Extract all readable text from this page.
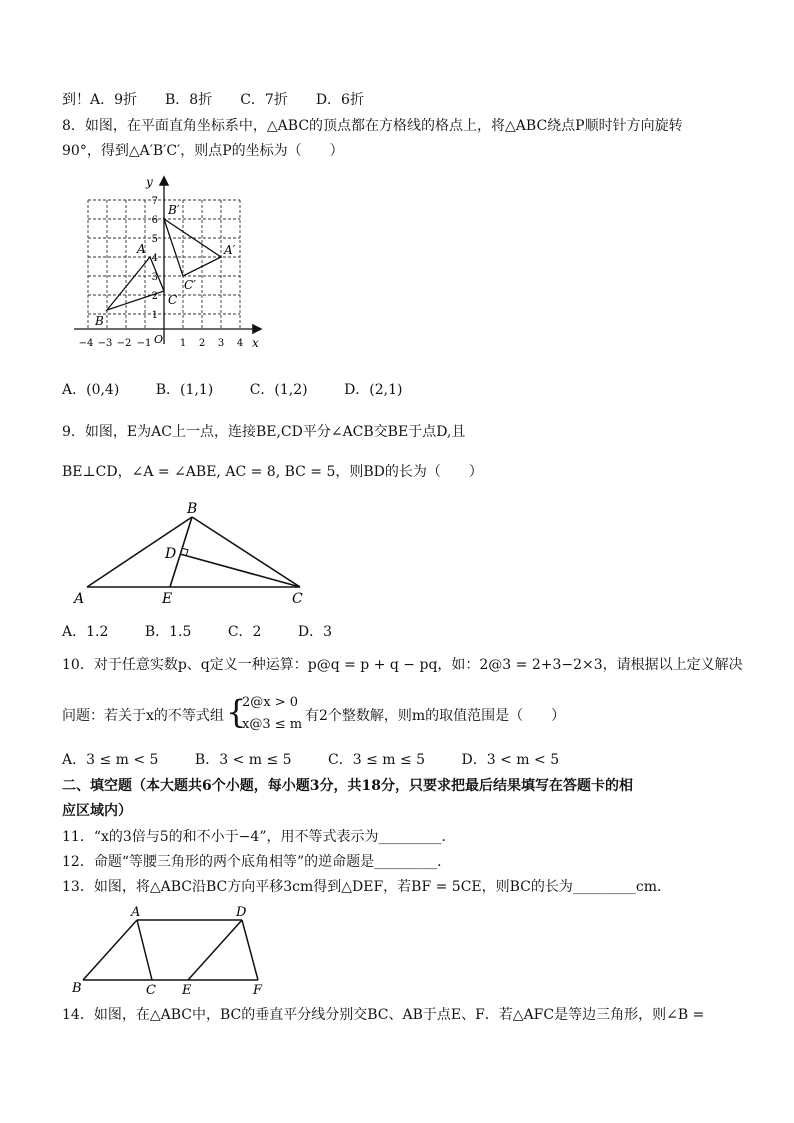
到！A．9折　　B．8折　　C．7折　　D．6折
8．如图，在平面直角坐标系中，△ABC的顶点都在方格线的格点上，将△ABC绕点P顺时针方向旋转
90°，得到△A′B′C′，则点P的坐标为（　　）
y
x
O
1
2
3
4
5
6
7
−4 −3 −2 −1	1 2 3 4
A
B
C
A′
B′
C′
A．(0,4)	B．(1,1)	C．(1,2)	D．(2,1)
9．如图，E为AC上一点，连接BE,CD平分∠ACB交BE于点D,且
BE⊥CD，∠A = ∠ABE, AC = 8, BC = 5，则BD的长为（　　）
A
B
C
D
E
A．1.2	B．1.5	C．2	D．3
10．对于任意实数p、q定义一种运算：p@q = p + q − pq，如：2@3 = 2+3−2×3，请根据以上定义解决
问题：若关于x的不等式组 {
2@x > 0
x@3 ≤ m
有2个整数解，则m的取值范围是（　　）
A．3 ≤ m < 5	B．3 < m ≤ 5	C．3 ≤ m ≤ 5	D．3 < m < 5
二、填空题（本大题共6个小题，每小题3分，共18分，只要求把最后结果填写在答题卡的相
应区域内）
11．“x的3倍与5的和不小于−4”，用不等式表示为_________．
12．命题“等腰三角形的两个底角相等”的逆命题是_________．
13．如图，将△ABC沿BC方向平移3cm得到△DEF，若BF = 5CE，则BC的长为_________cm．
A	D
B	C E	F
14．如图，在△ABC中，BC的垂直平分线分别交BC、AB于点E、F．若△AFC是等边三角形，则∠B =
